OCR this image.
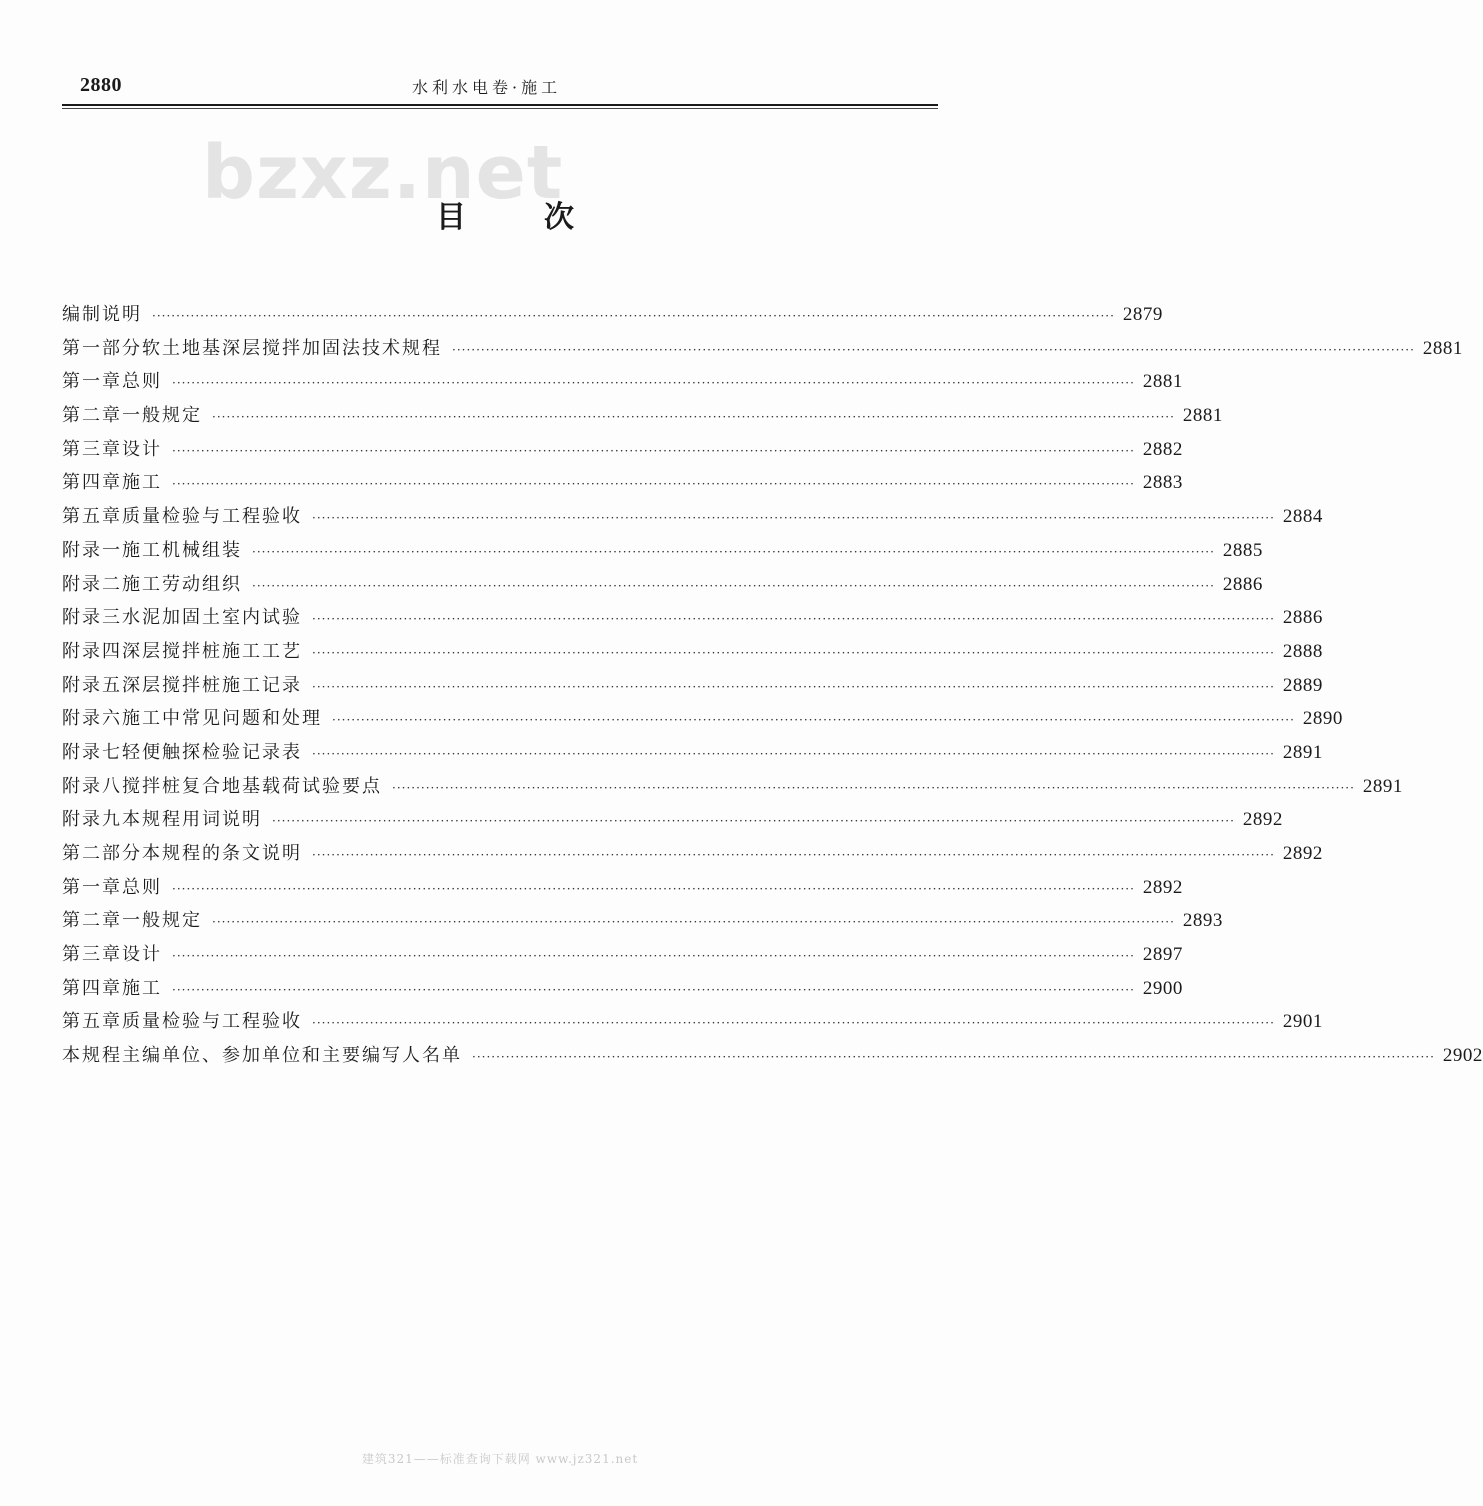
2880	水利水电卷·施工
bzxz.net
目次
编制说明 ········································································································································································································ 2879
第一部分 软土地基深层搅拌加固法技术规程 ········································································································································································································ 2881
第一章 总则 ········································································································································································································ 2881
第二章 一般规定 ········································································································································································································ 2881
第三章 设计 ········································································································································································································ 2882
第四章 施工 ········································································································································································································ 2883
第五章 质量检验与工程验收 ········································································································································································································ 2884
附录一 施工机械组装 ········································································································································································································ 2885
附录二 施工劳动组织 ········································································································································································································ 2886
附录三 水泥加固土室内试验 ········································································································································································································ 2886
附录四 深层搅拌桩施工工艺 ········································································································································································································ 2888
附录五 深层搅拌桩施工记录 ········································································································································································································ 2889
附录六 施工中常见问题和处理 ········································································································································································································ 2890
附录七 轻便触探检验记录表 ········································································································································································································ 2891
附录八 搅拌桩复合地基载荷试验要点 ········································································································································································································ 2891
附录九 本规程用词说明 ········································································································································································································ 2892
第二部分 本规程的条文说明 ········································································································································································································ 2892
第一章 总则 ········································································································································································································ 2892
第二章 一般规定 ········································································································································································································ 2893
第三章 设计 ········································································································································································································ 2897
第四章 施工 ········································································································································································································ 2900
第五章 质量检验与工程验收 ········································································································································································································ 2901
本规程主编单位、参加单位和主要编写人名单 ········································································································································································································ 2902
建筑321——标准查询下载网 www.jz321.net
